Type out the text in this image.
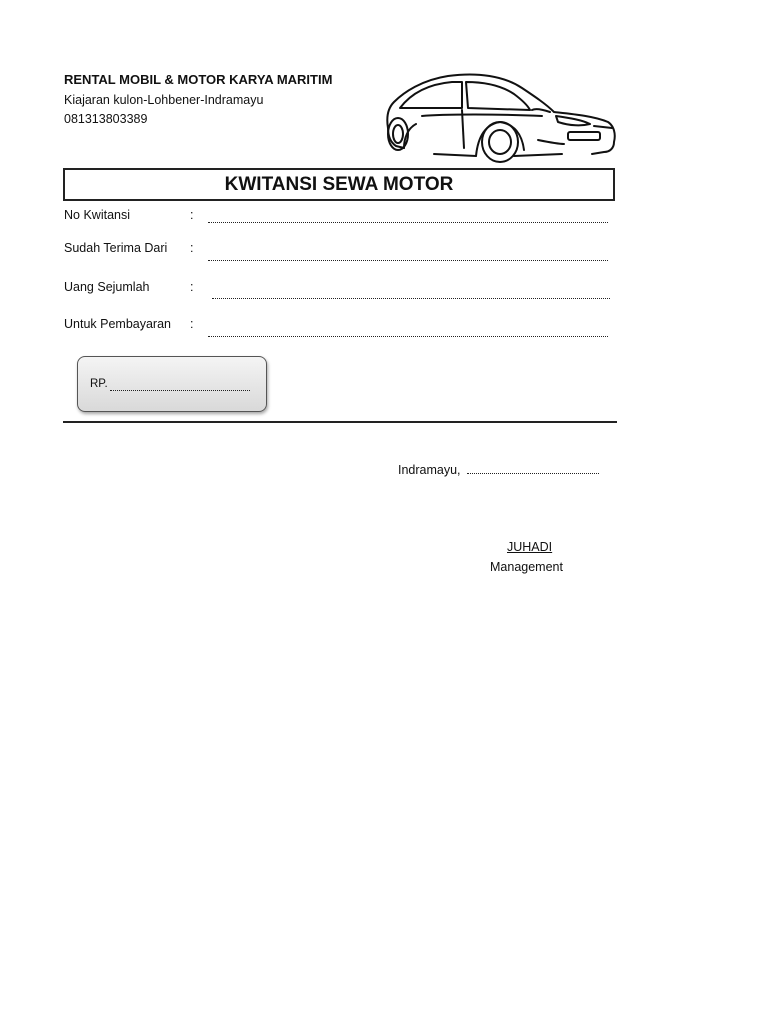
RENTAL MOBIL & MOTOR KARYA MARITIM
Kiajaran kulon-Lohbener-Indramayu
081313803389
KWITANSI SEWA MOTOR
No Kwitansi	:
Sudah Terima Dari :
Uang Sejumlah	:
Untuk Pembayaran :
RP.
Indramayu,
JUHADI
Management
